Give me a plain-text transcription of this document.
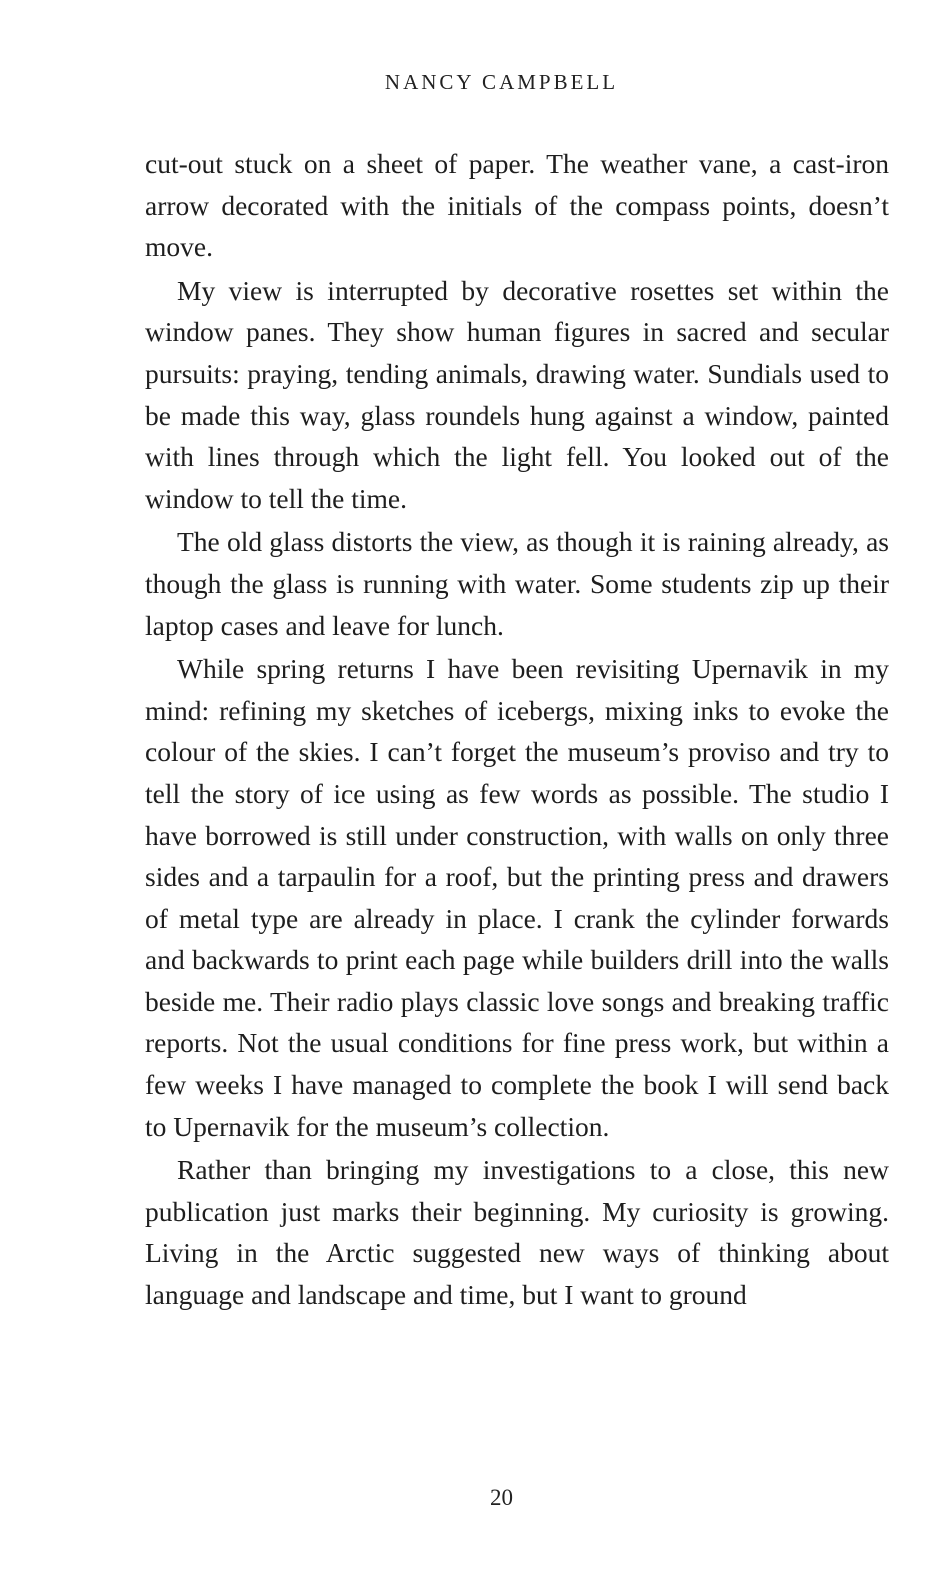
NANCY CAMPBELL

cut-out stuck on a sheet of paper. The weather vane, a cast-iron arrow decorated with the initials of the compass points, doesn’t move.

My view is interrupted by decorative rosettes set within the window panes. They show human figures in sacred and secular pursuits: praying, tending animals, drawing water. Sundials used to be made this way, glass roundels hung against a window, painted with lines through which the light fell. You looked out of the window to tell the time.

The old glass distorts the view, as though it is raining already, as though the glass is running with water. Some students zip up their laptop cases and leave for lunch.

While spring returns I have been revisiting Upernavik in my mind: refining my sketches of icebergs, mixing inks to evoke the colour of the skies. I can’t forget the museum’s proviso and try to tell the story of ice using as few words as possible. The studio I have borrowed is still under construction, with walls on only three sides and a tarpaulin for a roof, but the printing press and drawers of metal type are already in place. I crank the cylinder forwards and backwards to print each page while builders drill into the walls beside me. Their radio plays classic love songs and breaking traffic reports. Not the usual conditions for fine press work, but within a few weeks I have managed to complete the book I will send back to Upernavik for the museum’s collection.

Rather than bringing my investigations to a close, this new publication just marks their beginning. My curiosity is growing. Living in the Arctic suggested new ways of thinking about language and landscape and time, but I want to ground

20
